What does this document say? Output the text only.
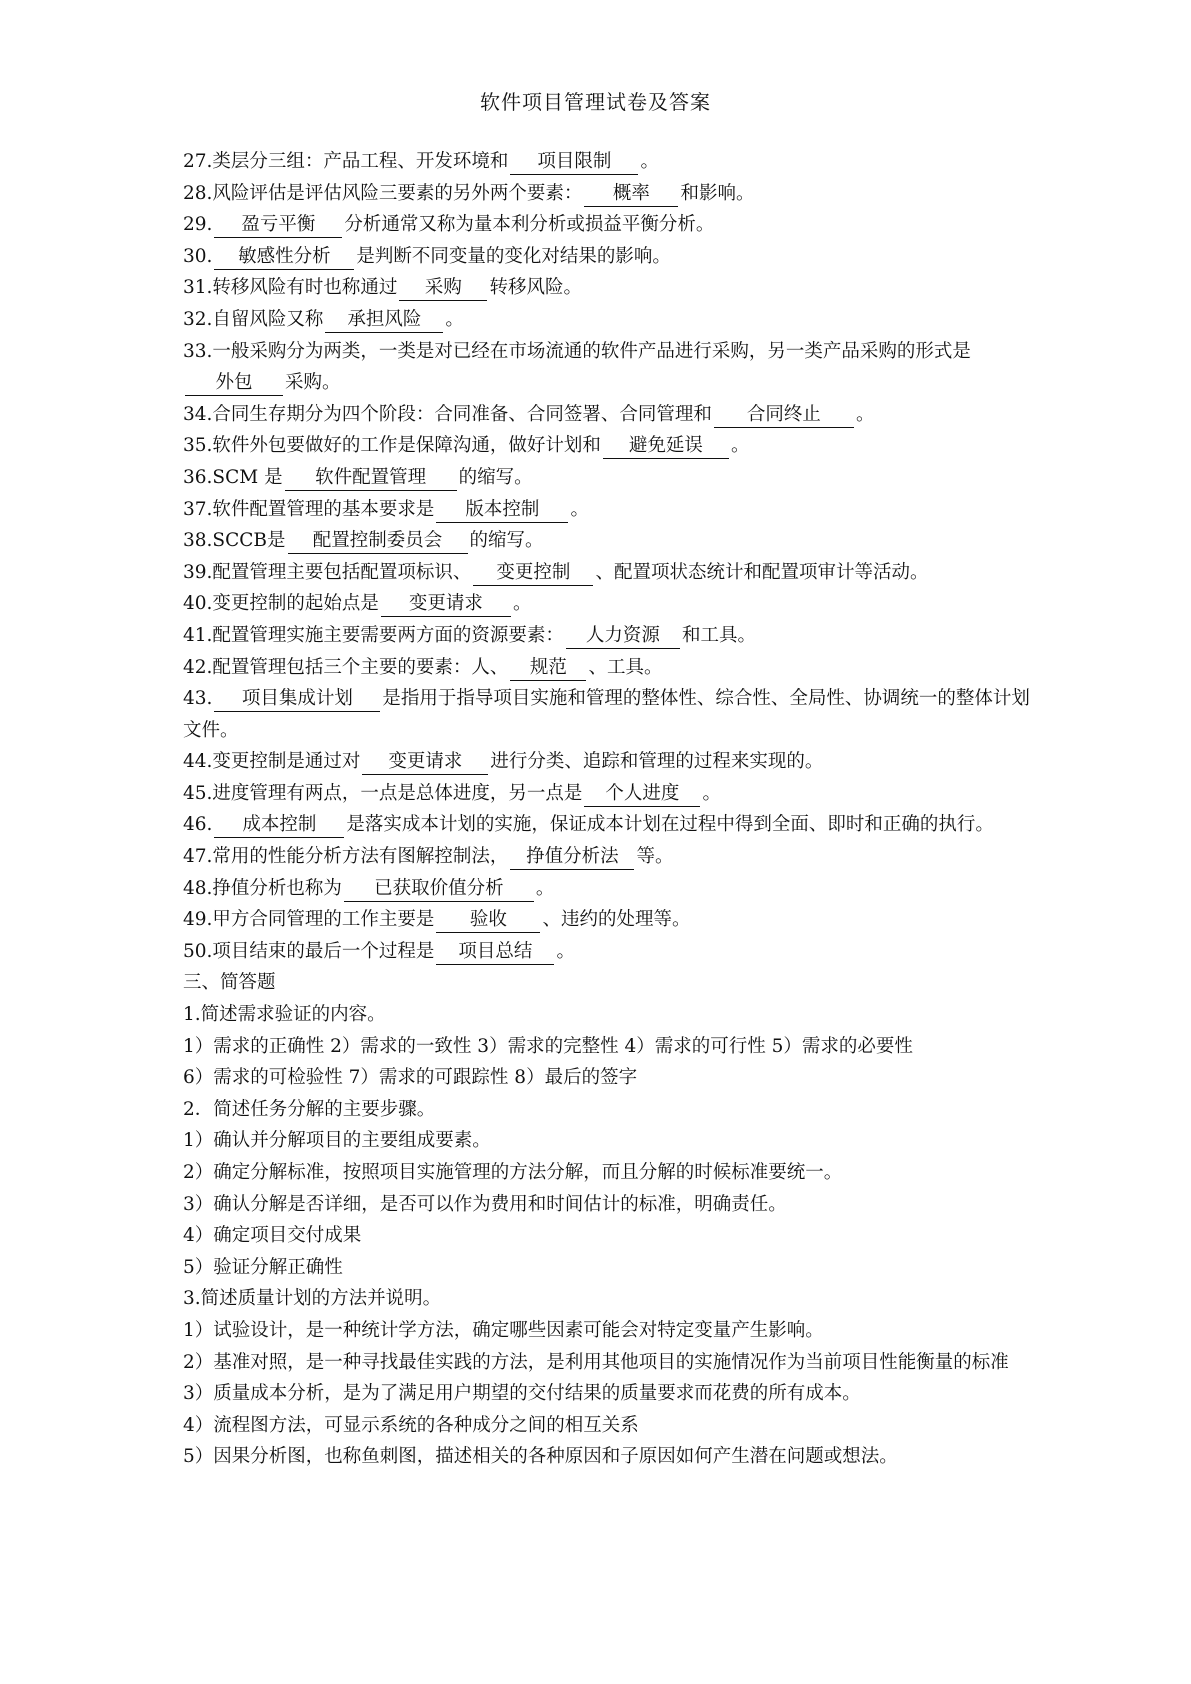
软件项目管理试卷及答案
27.类层分三组：产品工程、开发环境和 项目限制 。
28.风险评估是评估风险三要素的另外两个要素： 概率 和影响。
29. 盈亏平衡 分析通常又称为量本利分析或损益平衡分析。
30. 敏感性分析 是判断不同变量的变化对结果的影响。
31.转移风险有时也称通过 采购 转移风险。
32.自留风险又称 承担风险 。
33.一般采购分为两类，一类是对已经在市场流通的软件产品进行采购，另一类产品采购的形式是外包 采购。
34.合同生存期分为四个阶段：合同准备、合同签署、合同管理和 合同终止 。
35.软件外包要做好的工作是保障沟通，做好计划和 避免延误 。
36.SCM 是 软件配置管理 的缩写。
37.软件配置管理的基本要求是 版本控制 。
38.SCCB是 配置控制委员会 的缩写。
39.配置管理主要包括配置项标识、 变更控制 、配置项状态统计和配置项审计等活动。
40.变更控制的起始点是 变更请求 。
41.配置管理实施主要需要两方面的资源要素： 人力资源 和工具。
42.配置管理包括三个主要的要素：人、 规范 、工具。
43. 项目集成计划 是指用于指导项目实施和管理的整体性、综合性、全局性、协调统一的整体计划文件。
44.变更控制是通过对 变更请求 进行分类、追踪和管理的过程来实现的。
45.进度管理有两点，一点是总体进度，另一点是 个人进度 。
46. 成本控制 是落实成本计划的实施，保证成本计划在过程中得到全面、即时和正确的执行。
47.常用的性能分析方法有图解控制法， 挣值分析法 等。
48.挣值分析也称为 已获取价值分析 。
49.甲方合同管理的工作主要是 验收 、违约的处理等。
50.项目结束的最后一个过程是 项目总结 。
三、简答题
1.简述需求验证的内容。
1）需求的正确性 2）需求的一致性 3）需求的完整性 4）需求的可行性 5）需求的必要性
6）需求的可检验性 7）需求的可跟踪性 8）最后的签字
2．简述任务分解的主要步骤。
1）确认并分解项目的主要组成要素。
2）确定分解标准，按照项目实施管理的方法分解，而且分解的时候标准要统一。
3）确认分解是否详细，是否可以作为费用和时间估计的标准，明确责任。
4）确定项目交付成果
5）验证分解正确性
3.简述质量计划的方法并说明。
1）试验设计，是一种统计学方法，确定哪些因素可能会对特定变量产生影响。
2）基准对照，是一种寻找最佳实践的方法，是利用其他项目的实施情况作为当前项目性能衡量的标准
3）质量成本分析，是为了满足用户期望的交付结果的质量要求而花费的所有成本。
4）流程图方法，可显示系统的各种成分之间的相互关系
5）因果分析图，也称鱼刺图，描述相关的各种原因和子原因如何产生潜在问题或想法。
